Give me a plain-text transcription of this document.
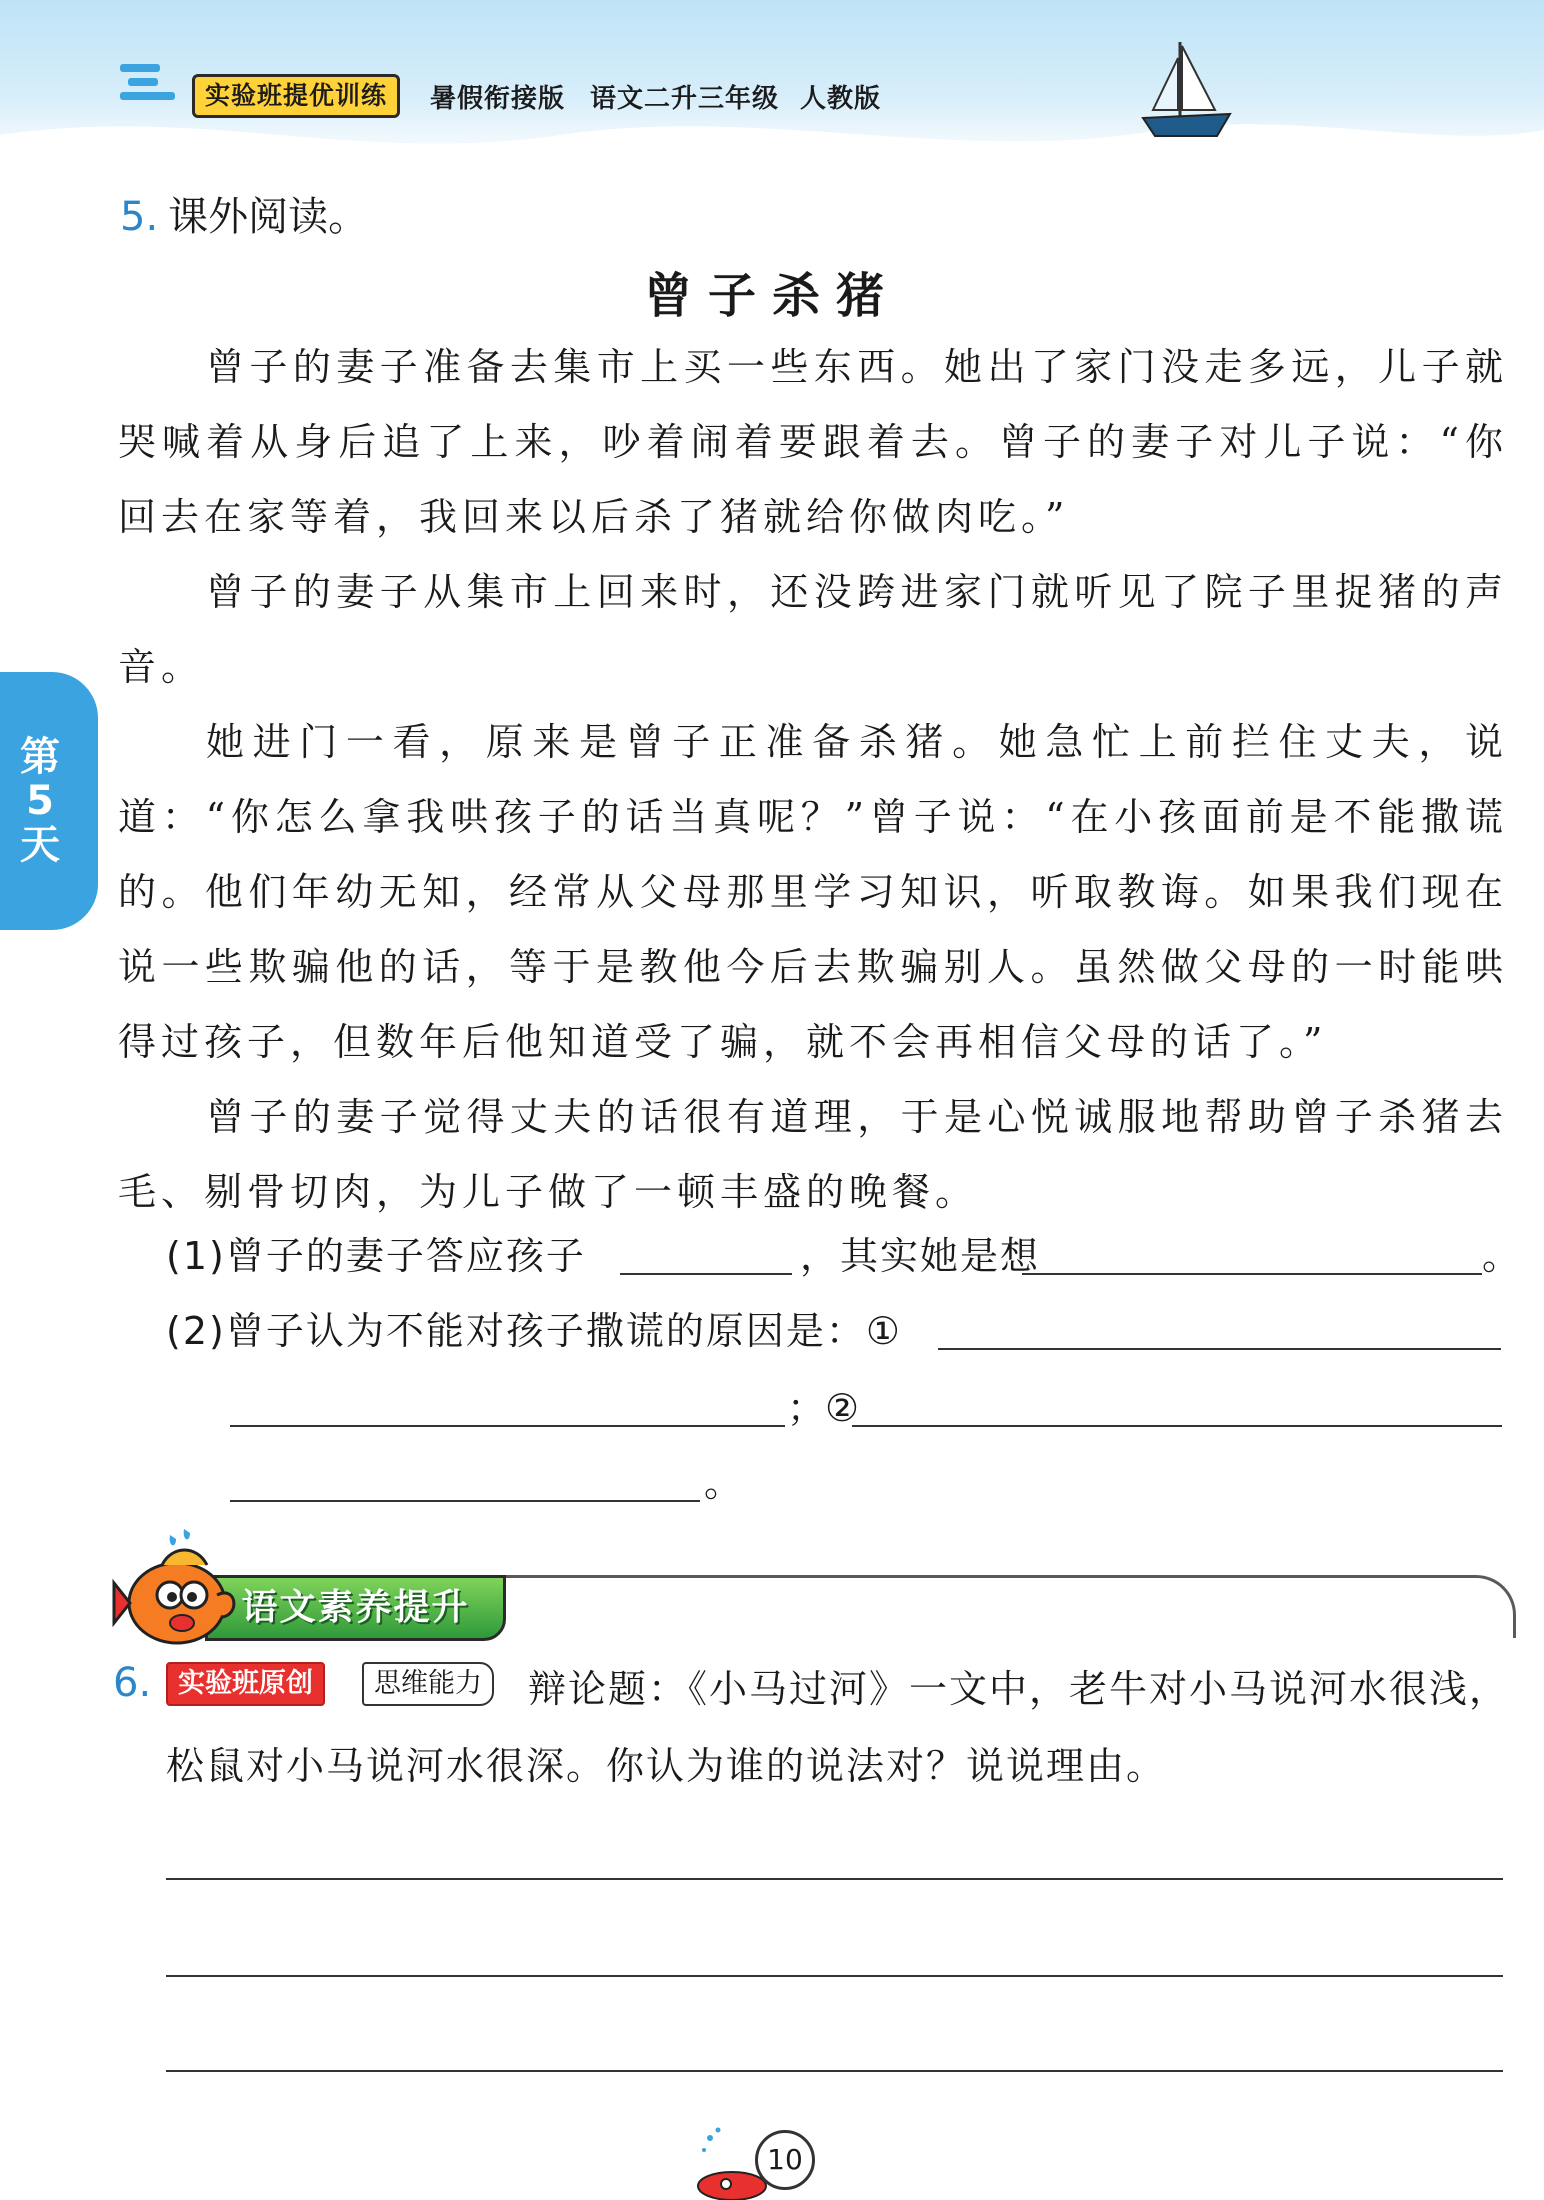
实验班提优训练	暑假衔接版 语文二升三年级 人教版
第
5
天
5. 课外阅读。
曾子杀猪

曾子的妻子准备去集市上买一些东西。她出了家门没走多远，儿子就哭喊着从身后追了上来，吵着闹着要跟着去。曾子的妻子对儿子说：“你回去在家等着，我回来以后杀了猪就给你做肉吃。”

曾子的妻子从集市上回来时，还没跨进家门就听见了院子里捉猪的声音。

她进门一看，原来是曾子正准备杀猪。她急忙上前拦住丈夫，说道：“你怎么拿我哄孩子的话当真呢？”曾子说：“在小孩面前是不能撒谎的。他们年幼无知，经常从父母那里学习知识，听取教诲。如果我们现在说一些欺骗他的话，等于是教他今后去欺骗别人。虽然做父母的一时能哄得过孩子，但数年后他知道受了骗，就不会再相信父母的话了。”

曾子的妻子觉得丈夫的话很有道理，于是心悦诚服地帮助曾子杀猪去毛、剔骨切肉，为儿子做了一顿丰盛的晚餐。

(1)曾子的妻子答应孩子	，其实她是想	。
(2)曾子认为不能对孩子撒谎的原因是：①
；②
。
语文素养提升
6. 实验班原创	思维能力	辩论题：《小马过河》一文中，老牛对小马说河水很浅，
松鼠对小马说河水很深。你认为谁的说法对？说说理由。
10
